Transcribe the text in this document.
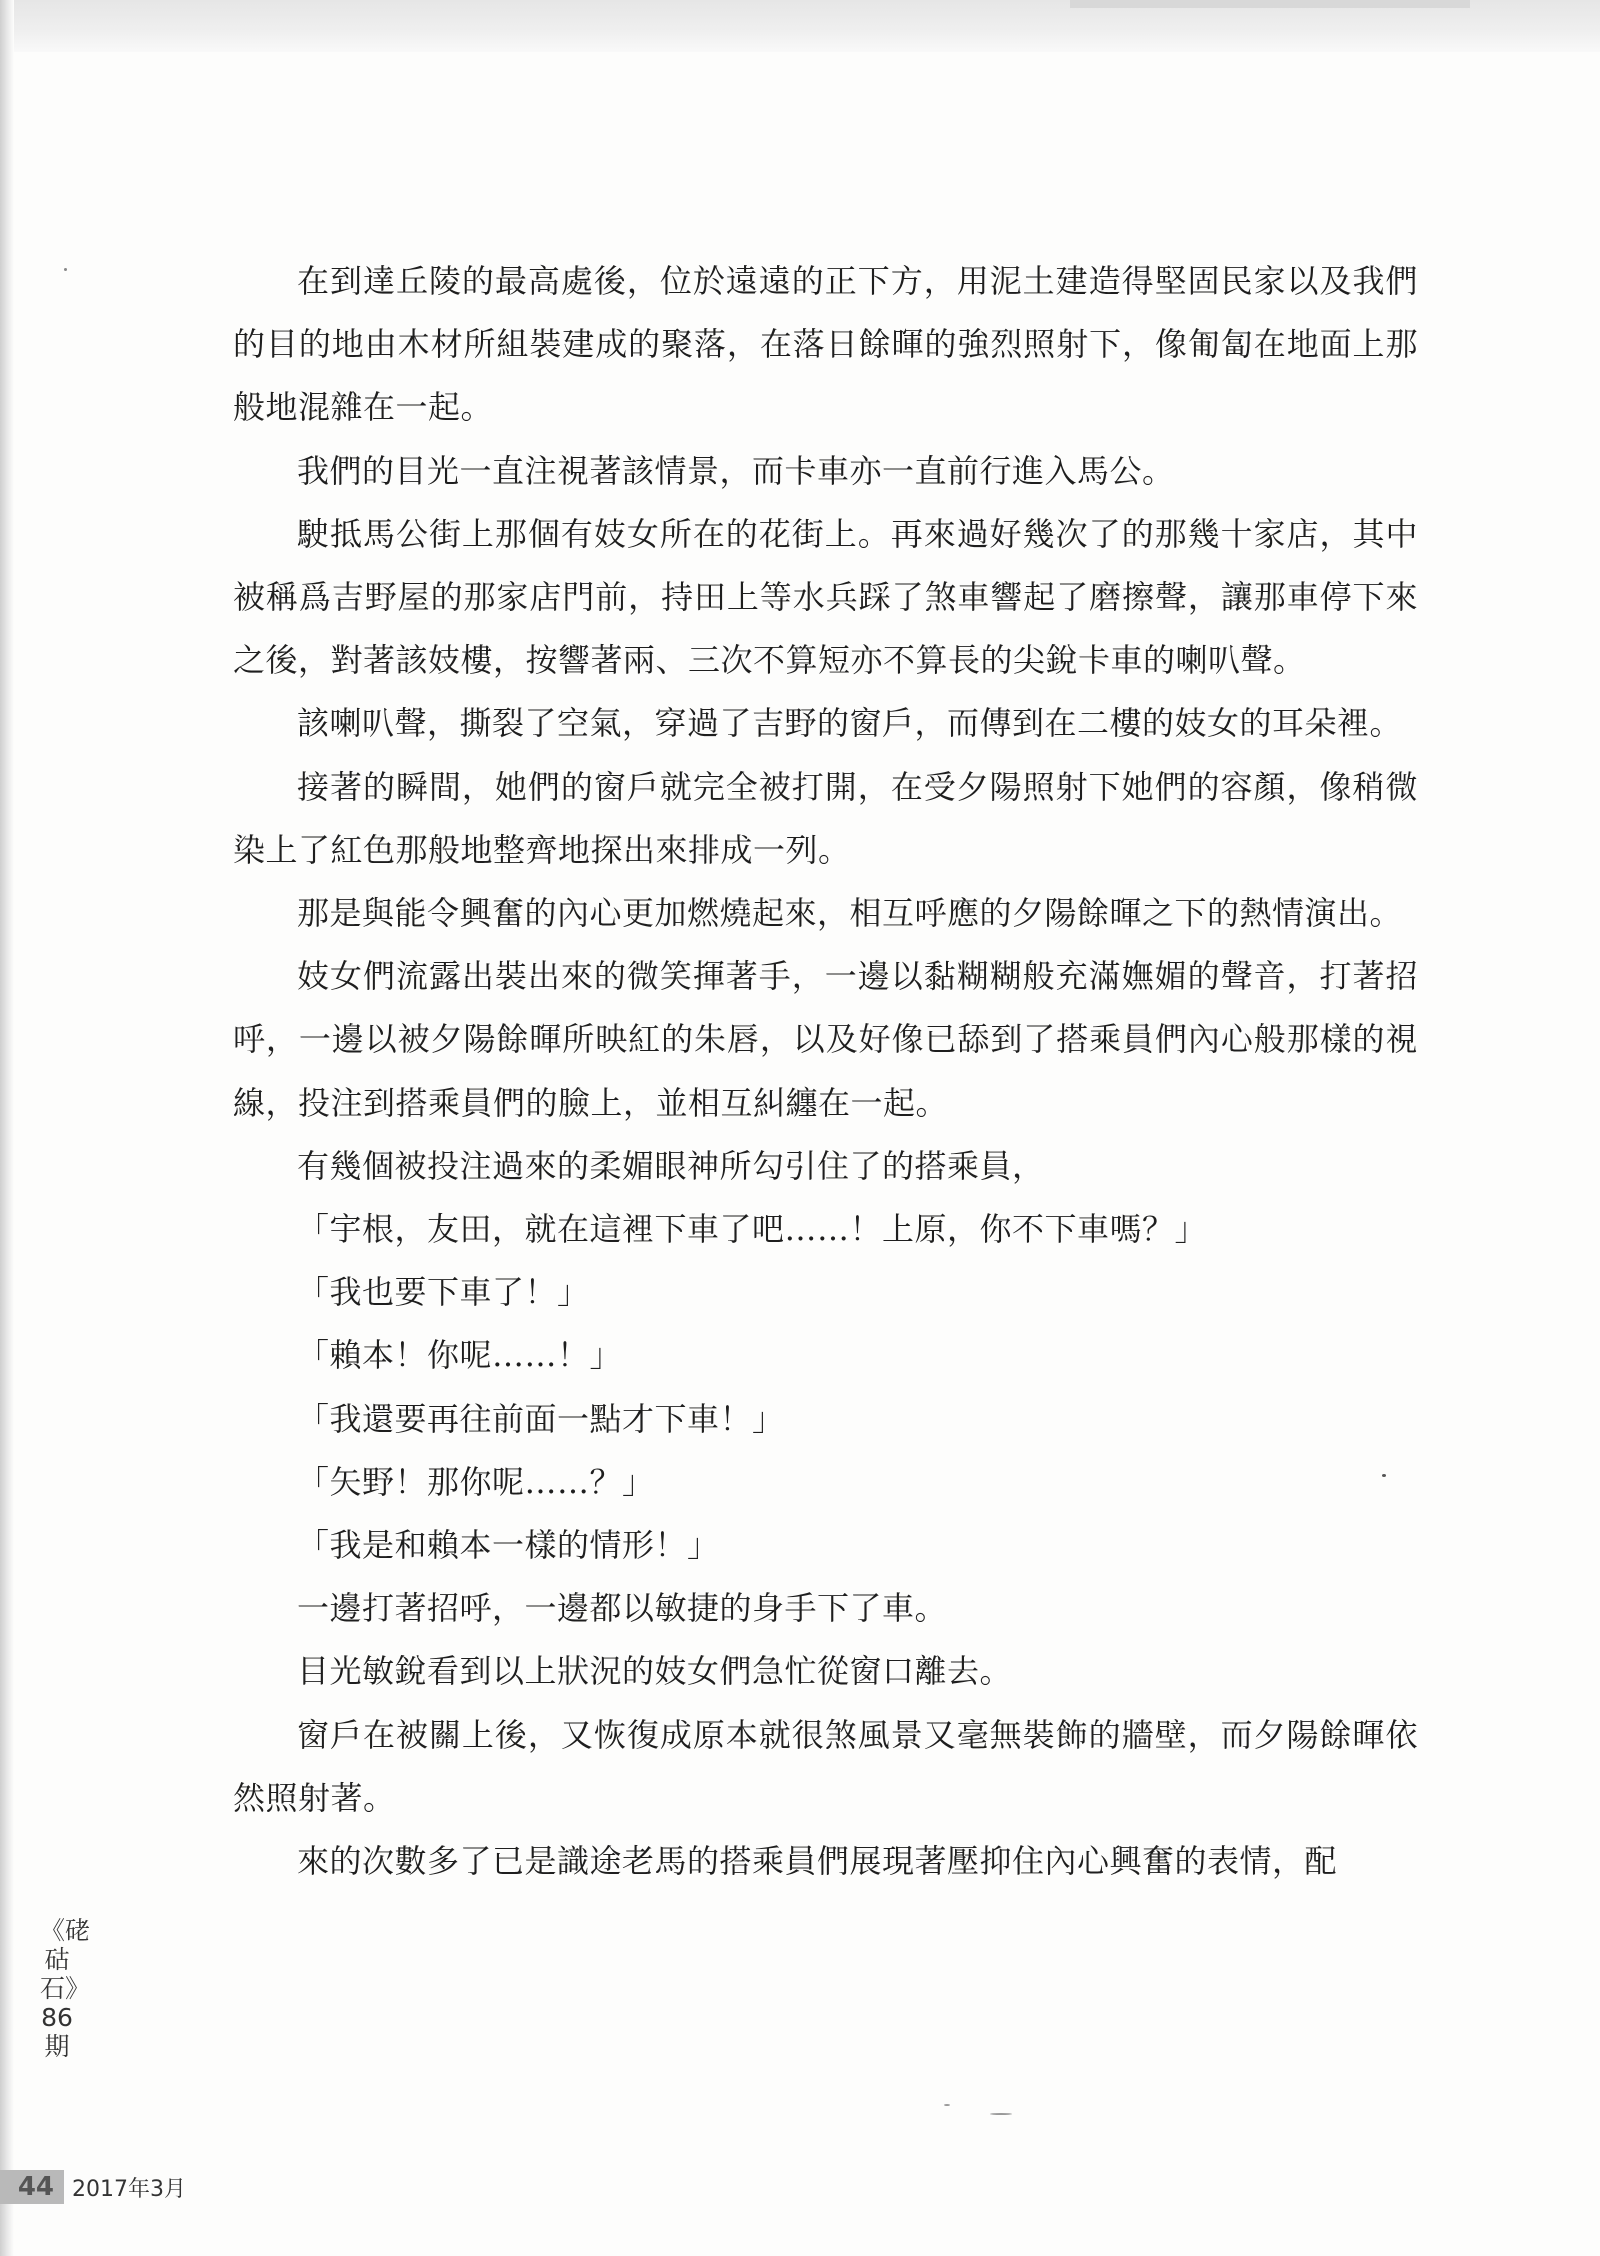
在到達丘陵的最高處後，位於遠遠的正下方，用泥土建造得堅固民家以及我們的目的地由木材所組裝建成的聚落，在落日餘暉的強烈照射下，像匍匐在地面上那般地混雜在一起。

我們的目光一直注視著該情景，而卡車亦一直前行進入馬公。

駛抵馬公街上那個有妓女所在的花街上。再來過好幾次了的那幾十家店，其中被稱爲吉野屋的那家店門前，持田上等水兵踩了煞車響起了磨擦聲，讓那車停下來之後，對著該妓樓，按響著兩、三次不算短亦不算長的尖銳卡車的喇叭聲。

該喇叭聲，撕裂了空氣，穿過了吉野的窗戶，而傳到在二樓的妓女的耳朵裡。

接著的瞬間，她們的窗戶就完全被打開，在受夕陽照射下她們的容顏，像稍微染上了紅色那般地整齊地探出來排成一列。

那是與能令興奮的內心更加燃燒起來，相互呼應的夕陽餘暉之下的熱情演出。

妓女們流露出裝出來的微笑揮著手，一邊以黏糊糊般充滿嫵媚的聲音，打著招呼，一邊以被夕陽餘暉所映紅的朱唇，以及好像已舔到了搭乘員們內心般那樣的視線，投注到搭乘員們的臉上，並相互糾纏在一起。

有幾個被投注過來的柔媚眼神所勾引住了的搭乘員，

「宇根，友田，就在這裡下車了吧……！上原，你不下車嗎？」

「我也要下車了！」

「賴本！你呢……！」

「我還要再往前面一點才下車！」

「矢野！那你呢……？」

「我是和賴本一樣的情形！」

一邊打著招呼，一邊都以敏捷的身手下了車。

目光敏銳看到以上狀況的妓女們急忙從窗口離去。

窗戶在被關上後，又恢復成原本就很煞風景又毫無裝飾的牆壁，而夕陽餘暉依然照射著。

來的次數多了已是識途老馬的搭乘員們展現著壓抑住內心興奮的表情，配

《硓𥑮石》86期
44 2017年3月
